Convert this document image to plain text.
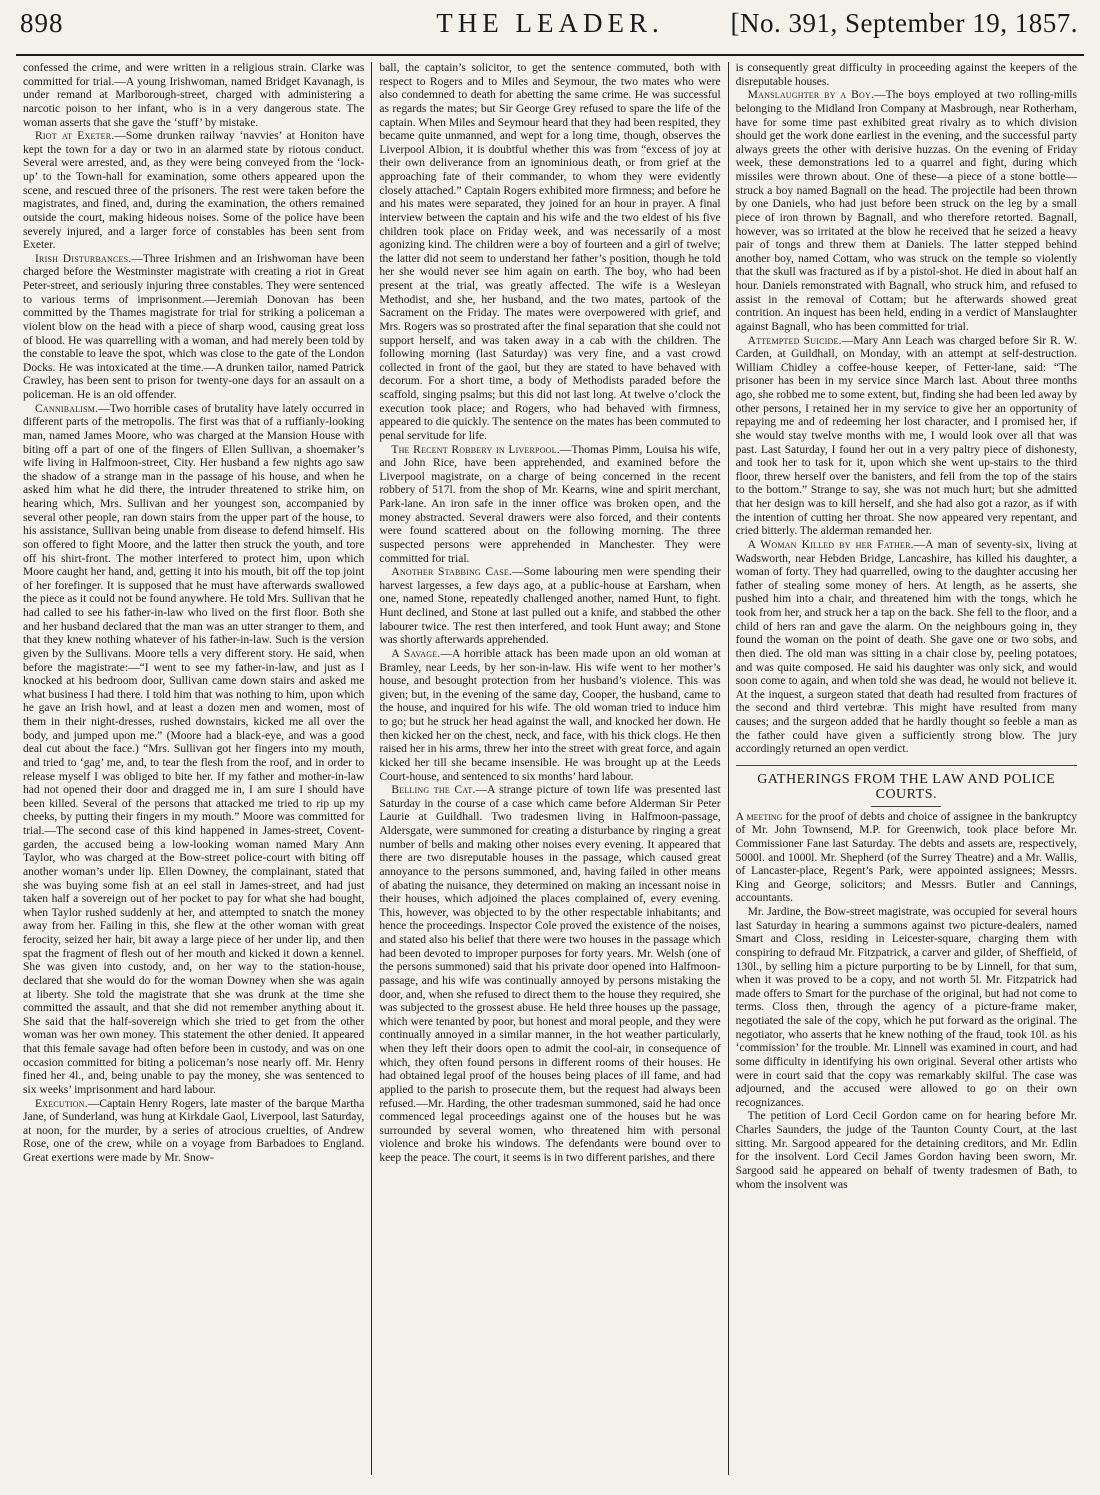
898	THE LEADER.	[No. 391, September 19, 1857.

confessed the crime, and were written in a religious strain. Clarke was committed for trial.—A young Irishwoman, named Bridget Kavanagh, is under remand at Marlborough-street, charged with administering a narcotic poison to her infant, who is in a very dangerous state. The woman asserts that she gave the ‘stuff’ by mistake.

Riot at Exeter.—Some drunken railway ‘navvies’ at Honiton have kept the town for a day or two in an alarmed state by riotous conduct. Several were arrested, and, as they were being conveyed from the ‘lock-up’ to the Town-hall for examination, some others appeared upon the scene, and rescued three of the prisoners. The rest were taken before the magistrates, and fined, and, during the examination, the others remained outside the court, making hideous noises. Some of the police have been severely injured, and a larger force of constables has been sent from Exeter.

Irish Disturbances.—Three Irishmen and an Irishwoman have been charged before the Westminster magistrate with creating a riot in Great Peter-street, and seriously injuring three constables. They were sentenced to various terms of imprisonment.—Jeremiah Donovan has been committed by the Thames magistrate for trial for striking a policeman a violent blow on the head with a piece of sharp wood, causing great loss of blood. He was quarrelling with a woman, and had merely been told by the constable to leave the spot, which was close to the gate of the London Docks. He was intoxicated at the time.—A drunken tailor, named Patrick Crawley, has been sent to prison for twenty-one days for an assault on a policeman. He is an old offender.

Cannibalism.—Two horrible cases of brutality have lately occurred in different parts of the metropolis. The first was that of a ruffianly-looking man, named James Moore, who was charged at the Mansion House with biting off a part of one of the fingers of Ellen Sullivan, a shoemaker’s wife living in Halfmoon-street, City. Her husband a few nights ago saw the shadow of a strange man in the passage of his house, and when he asked him what he did there, the intruder threatened to strike him, on hearing which, Mrs. Sullivan and her youngest son, accompanied by several other people, ran down stairs from the upper part of the house, to his assistance, Sullivan being unable from disease to defend himself. His son offered to fight Moore, and the latter then struck the youth, and tore off his shirt-front. The mother interfered to protect him, upon which Moore caught her hand, and, getting it into his mouth, bit off the top joint of her forefinger. It is supposed that he must have afterwards swallowed the piece as it could not be found anywhere. He told Mrs. Sullivan that he had called to see his father-in-law who lived on the first floor. Both she and her husband declared that the man was an utter stranger to them, and that they knew nothing whatever of his father-in-law. Such is the version given by the Sullivans. Moore tells a very different story. He said, when before the magistrate:—“I went to see my father-in-law, and just as I knocked at his bedroom door, Sullivan came down stairs and asked me what business I had there. I told him that was nothing to him, upon which he gave an Irish howl, and at least a dozen men and women, most of them in their night-dresses, rushed downstairs, kicked me all over the body, and jumped upon me.” (Moore had a black-eye, and was a good deal cut about the face.) “Mrs. Sullivan got her fingers into my mouth, and tried to ‘gag’ me, and, to tear the flesh from the roof, and in order to release myself I was obliged to bite her. If my father and mother-in-law had not opened their door and dragged me in, I am sure I should have been killed. Several of the persons that attacked me tried to rip up my cheeks, by putting their fingers in my mouth.” Moore was committed for trial.—The second case of this kind happened in James-street, Covent-garden, the accused being a low-looking woman named Mary Ann Taylor, who was charged at the Bow-street police-court with biting off another woman’s under lip. Ellen Downey, the complainant, stated that she was buying some fish at an eel stall in James-street, and had just taken half a sovereign out of her pocket to pay for what she had bought, when Taylor rushed suddenly at her, and attempted to snatch the money away from her. Failing in this, she flew at the other woman with great ferocity, seized her hair, bit away a large piece of her under lip, and then spat the fragment of flesh out of her mouth and kicked it down a kennel. She was given into custody, and, on her way to the station-house, declared that she would do for the woman Downey when she was again at liberty. She told the magistrate that she was drunk at the time she committed the assault, and that she did not remember anything about it. She said that the half-sovereign which she tried to get from the other woman was her own money. This statement the other denied. It appeared that this female savage had often before been in custody, and was on one occasion committed for biting a policeman’s nose nearly off. Mr. Henry fined her 4l., and, being unable to pay the money, she was sentenced to six weeks’ imprisonment and hard labour.

Execution.—Captain Henry Rogers, late master of the barque Martha Jane, of Sunderland, was hung at Kirkdale Gaol, Liverpool, last Saturday, at noon, for the murder, by a series of atrocious cruelties, of Andrew Rose, one of the crew, while on a voyage from Barbadoes to England. Great exertions were made by Mr. Snow-

ball, the captain’s solicitor, to get the sentence commuted, both with respect to Rogers and to Miles and Seymour, the two mates who were also condemned to death for abetting the same crime. He was successful as regards the mates; but Sir George Grey refused to spare the life of the captain. When Miles and Seymour heard that they had been respited, they became quite unmanned, and wept for a long time, though, observes the Liverpool Albion, it is doubtful whether this was from “excess of joy at their own deliverance from an ignominious death, or from grief at the approaching fate of their commander, to whom they were evidently closely attached.” Captain Rogers exhibited more firmness; and before he and his mates were separated, they joined for an hour in prayer. A final interview between the captain and his wife and the two eldest of his five children took place on Friday week, and was necessarily of a most agonizing kind. The children were a boy of fourteen and a girl of twelve; the latter did not seem to understand her father’s position, though he told her she would never see him again on earth. The boy, who had been present at the trial, was greatly affected. The wife is a Wesleyan Methodist, and she, her husband, and the two mates, partook of the Sacrament on the Friday. The mates were overpowered with grief, and Mrs. Rogers was so prostrated after the final separation that she could not support herself, and was taken away in a cab with the children. The following morning (last Saturday) was very fine, and a vast crowd collected in front of the gaol, but they are stated to have behaved with decorum. For a short time, a body of Methodists paraded before the scaffold, singing psalms; but this did not last long. At twelve o’clock the execution took place; and Rogers, who had behaved with firmness, appeared to die quickly. The sentence on the mates has been commuted to penal servitude for life.

The Recent Robbery in Liverpool.—Thomas Pimm, Louisa his wife, and John Rice, have been apprehended, and examined before the Liverpool magistrate, on a charge of being concerned in the recent robbery of 517l. from the shop of Mr. Kearns, wine and spirit merchant, Park-lane. An iron safe in the inner office was broken open, and the money abstracted. Several drawers were also forced, and their contents were found scattered about on the following morning. The three suspected persons were apprehended in Manchester. They were committed for trial.

Another Stabbing Case.—Some labouring men were spending their harvest largesses, a few days ago, at a public-house at Earsham, when one, named Stone, repeatedly challenged another, named Hunt, to fight. Hunt declined, and Stone at last pulled out a knife, and stabbed the other labourer twice. The rest then interfered, and took Hunt away; and Stone was shortly afterwards apprehended.

A Savage.—A horrible attack has been made upon an old woman at Bramley, near Leeds, by her son-in-law. His wife went to her mother’s house, and besought protection from her husband’s violence. This was given; but, in the evening of the same day, Cooper, the husband, came to the house, and inquired for his wife. The old woman tried to induce him to go; but he struck her head against the wall, and knocked her down. He then kicked her on the chest, neck, and face, with his thick clogs. He then raised her in his arms, threw her into the street with great force, and again kicked her till she became insensible. He was brought up at the Leeds Court-house, and sentenced to six months’ hard labour.

Belling the Cat.—A strange picture of town life was presented last Saturday in the course of a case which came before Alderman Sir Peter Laurie at Guildhall. Two tradesmen living in Halfmoon-passage, Aldersgate, were summoned for creating a disturbance by ringing a great number of bells and making other noises every evening. It appeared that there are two disreputable houses in the passage, which caused great annoyance to the persons summoned, and, having failed in other means of abating the nuisance, they determined on making an incessant noise in their houses, which adjoined the places complained of, every evening. This, however, was objected to by the other respectable inhabitants; and hence the proceedings. Inspector Cole proved the existence of the noises, and stated also his belief that there were two houses in the passage which had been devoted to improper purposes for forty years. Mr. Welsh (one of the persons summoned) said that his private door opened into Halfmoon-passage, and his wife was continually annoyed by persons mistaking the door, and, when she refused to direct them to the house they required, she was subjected to the grossest abuse. He held three houses up the passage, which were tenanted by poor, but honest and moral people, and they were continually annoyed in a similar manner, in the hot weather particularly, when they left their doors open to admit the cool-air, in consequence of which, they often found persons in different rooms of their houses. He had obtained legal proof of the houses being places of ill fame, and had applied to the parish to prosecute them, but the request had always been refused.—Mr. Harding, the other tradesman summoned, said he had once commenced legal proceedings against one of the houses but he was surrounded by several women, who threatened him with personal violence and broke his windows. The defendants were bound over to keep the peace. The court, it seems is in two different parishes, and there

is consequently great difficulty in proceeding against the keepers of the disreputable houses.

Manslaughter by a Boy.—The boys employed at two rolling-mills belonging to the Midland Iron Company at Masbrough, near Rotherham, have for some time past exhibited great rivalry as to which division should get the work done earliest in the evening, and the successful party always greets the other with derisive huzzas. On the evening of Friday week, these demonstrations led to a quarrel and fight, during which missiles were thrown about. One of these—a piece of a stone bottle—struck a boy named Bagnall on the head. The projectile had been thrown by one Daniels, who had just before been struck on the leg by a small piece of iron thrown by Bagnall, and who therefore retorted. Bagnall, however, was so irritated at the blow he received that he seized a heavy pair of tongs and threw them at Daniels. The latter stepped behind another boy, named Cottam, who was struck on the temple so violently that the skull was fractured as if by a pistol-shot. He died in about half an hour. Daniels remonstrated with Bagnall, who struck him, and refused to assist in the removal of Cottam; but he afterwards showed great contrition. An inquest has been held, ending in a verdict of Manslaughter against Bagnall, who has been committed for trial.

Attempted Suicide.—Mary Ann Leach was charged before Sir R. W. Carden, at Guildhall, on Monday, with an attempt at self-destruction. William Chidley a coffee-house keeper, of Fetter-lane, said: “The prisoner has been in my service since March last. About three months ago, she robbed me to some extent, but, finding she had been led away by other persons, I retained her in my service to give her an opportunity of repaying me and of redeeming her lost character, and I promised her, if she would stay twelve months with me, I would look over all that was past. Last Saturday, I found her out in a very paltry piece of dishonesty, and took her to task for it, upon which she went up-stairs to the third floor, threw herself over the banisters, and fell from the top of the stairs to the bottom.” Strange to say, she was not much hurt; but she admitted that her design was to kill herself, and she had also got a razor, as if with the intention of cutting her throat. She now appeared very repentant, and cried bitterly. The alderman remanded her.

A Woman Killed by her Father.—A man of seventy-six, living at Wadsworth, near Hebden Bridge, Lancashire, has killed his daughter, a woman of forty. They had quarrelled, owing to the daughter accusing her father of stealing some money of hers. At length, as he asserts, she pushed him into a chair, and threatened him with the tongs, which he took from her, and struck her a tap on the back. She fell to the floor, and a child of hers ran and gave the alarm. On the neighbours going in, they found the woman on the point of death. She gave one or two sobs, and then died. The old man was sitting in a chair close by, peeling potatoes, and was quite composed. He said his daughter was only sick, and would soon come to again, and when told she was dead, he would not believe it. At the inquest, a surgeon stated that death had resulted from fractures of the second and third vertebræ. This might have resulted from many causes; and the surgeon added that he hardly thought so feeble a man as the father could have given a sufficiently strong blow. The jury accordingly returned an open verdict.

GATHERINGS FROM THE LAW AND POLICE COURTS.

A meeting for the proof of debts and choice of assignee in the bankruptcy of Mr. John Townsend, M.P. for Greenwich, took place before Mr. Commissioner Fane last Saturday. The debts and assets are, respectively, 5000l. and 1000l. Mr. Shepherd (of the Surrey Theatre) and a Mr. Wallis, of Lancaster-place, Regent’s Park, were appointed assignees; Messrs. King and George, solicitors; and Messrs. Butler and Cannings, accountants.

Mr. Jardine, the Bow-street magistrate, was occupied for several hours last Saturday in hearing a summons against two picture-dealers, named Smart and Closs, residing in Leicester-square, charging them with conspiring to defraud Mr. Fitzpatrick, a carver and gilder, of Sheffield, of 130l., by selling him a picture purporting to be by Linnell, for that sum, when it was proved to be a copy, and not worth 5l. Mr. Fitzpatrick had made offers to Smart for the purchase of the original, but had not come to terms. Closs then, through the agency of a picture-frame maker, negotiated the sale of the copy, which he put forward as the original. The negotiator, who asserts that he knew nothing of the fraud, took 10l. as his ‘commission’ for the trouble. Mr. Linnell was examined in court, and had some difficulty in identifying his own original. Several other artists who were in court said that the copy was remarkably skilful. The case was adjourned, and the accused were allowed to go on their own recognizances.

The petition of Lord Cecil Gordon came on for hearing before Mr. Charles Saunders, the judge of the Taunton County Court, at the last sitting. Mr. Sargood appeared for the detaining creditors, and Mr. Edlin for the insolvent. Lord Cecil James Gordon having been sworn, Mr. Sargood said he appeared on behalf of twenty tradesmen of Bath, to whom the insolvent was
